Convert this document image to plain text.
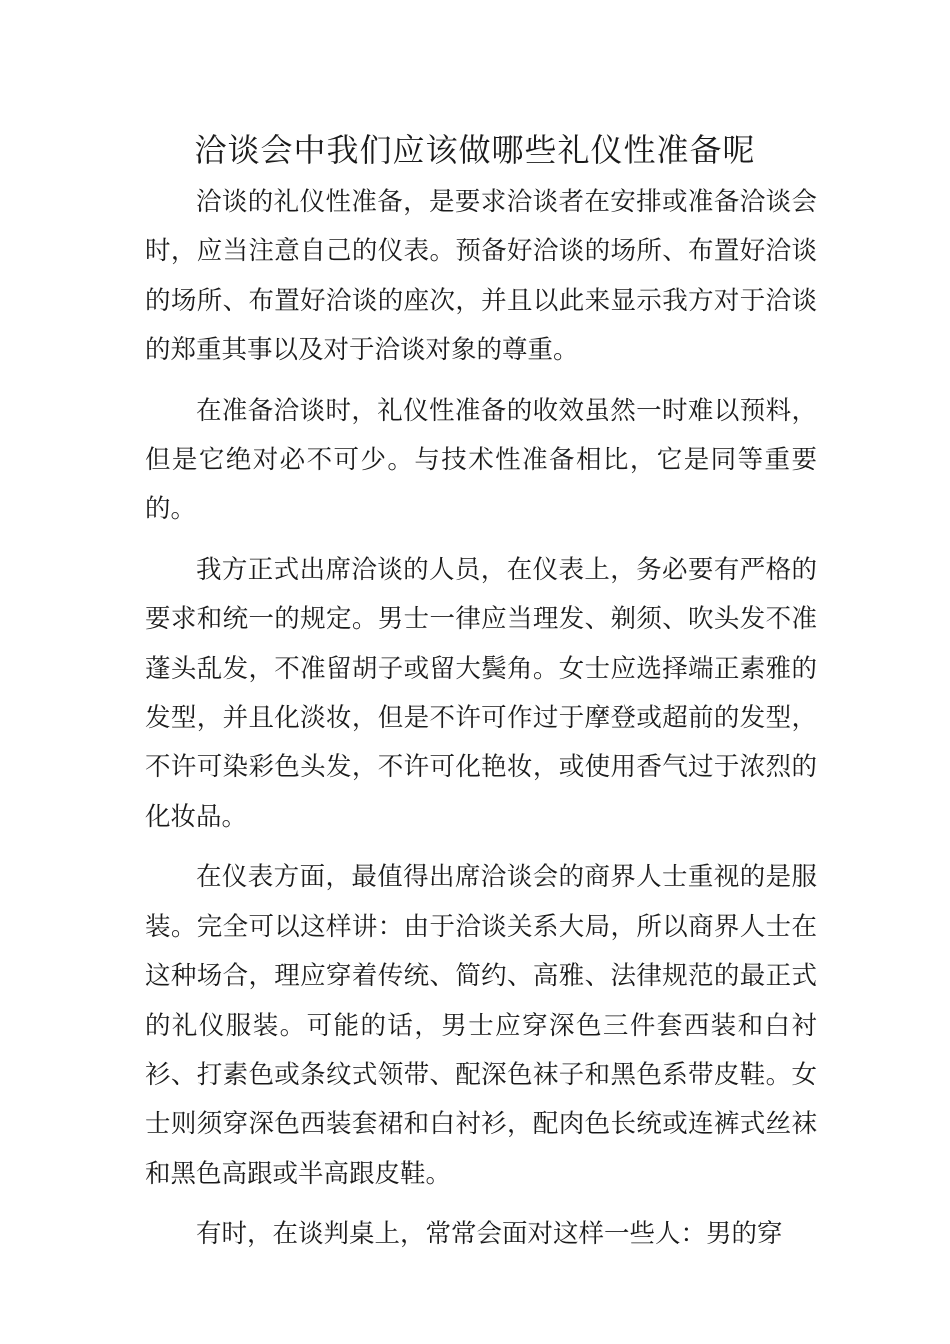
洽谈会中我们应该做哪些礼仪性准备呢

洽谈的礼仪性准备，是要求洽谈者在安排或准备洽谈会时，应当注意自己的仪表。预备好洽谈的场所、布置好洽谈的场所、布置好洽谈的座次，并且以此来显示我方对于洽谈的郑重其事以及对于洽谈对象的尊重。

在准备洽谈时，礼仪性准备的收效虽然一时难以预料，但是它绝对必不可少。与技术性准备相比，它是同等重要的。

我方正式出席洽谈的人员，在仪表上，务必要有严格的要求和统一的规定。男士一律应当理发、剃须、吹头发不准蓬头乱发，不准留胡子或留大鬓角。女士应选择端正素雅的发型，并且化淡妆，但是不许可作过于摩登或超前的发型，不许可染彩色头发，不许可化艳妆，或使用香气过于浓烈的化妆品。

在仪表方面，最值得出席洽谈会的商界人士重视的是服装。完全可以这样讲：由于洽谈关系大局，所以商界人士在这种场合，理应穿着传统、简约、高雅、法律规范的最正式的礼仪服装。可能的话，男士应穿深色三件套西装和白衬衫、打素色或条纹式领带、配深色袜子和黑色系带皮鞋。女士则须穿深色西装套裙和白衬衫，配肉色长统或连裤式丝袜和黑色高跟或半高跟皮鞋。

有时，在谈判桌上，常常会面对这样一些人：男的穿
